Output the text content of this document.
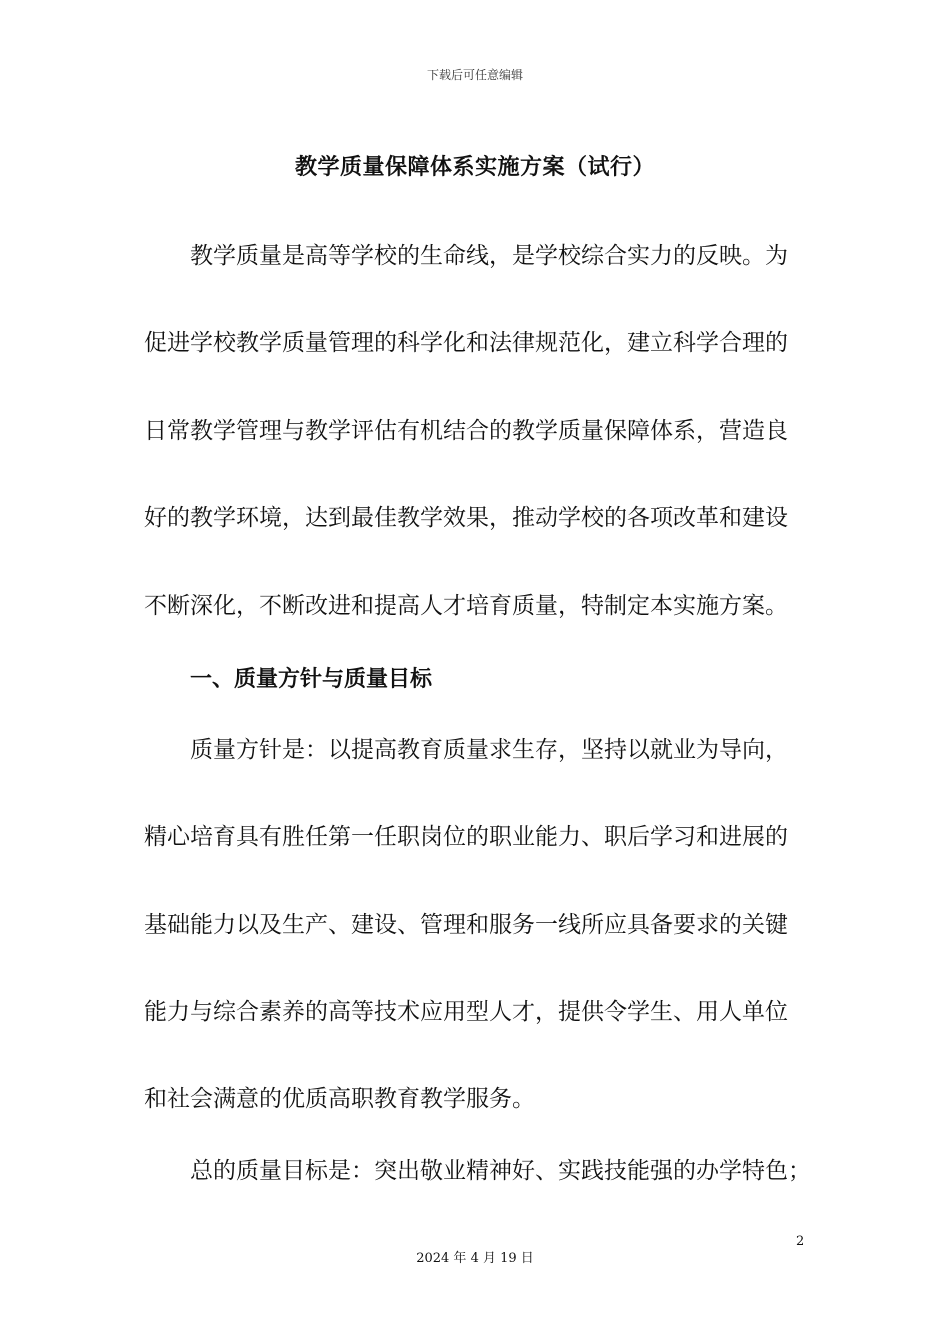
下载后可任意编辑
教学质量保障体系实施方案（试行）
教学质量是高等学校的生命线，是学校综合实力的反映。为
促进学校教学质量管理的科学化和法律规范化，建立科学合理的
日常教学管理与教学评估有机结合的教学质量保障体系，营造良
好的教学环境，达到最佳教学效果，推动学校的各项改革和建设
不断深化，不断改进和提高人才培育质量，特制定本实施方案。
一、质量方针与质量目标
质量方针是：以提高教育质量求生存，坚持以就业为导向，
精心培育具有胜任第一任职岗位的职业能力、职后学习和进展的
基础能力以及生产、建设、管理和服务一线所应具备要求的关键
能力与综合素养的高等技术应用型人才，提供令学生、用人单位
和社会满意的优质高职教育教学服务。
总的质量目标是：突出敬业精神好、实践技能强的办学特色；
2
2024 年 4 月 19 日
